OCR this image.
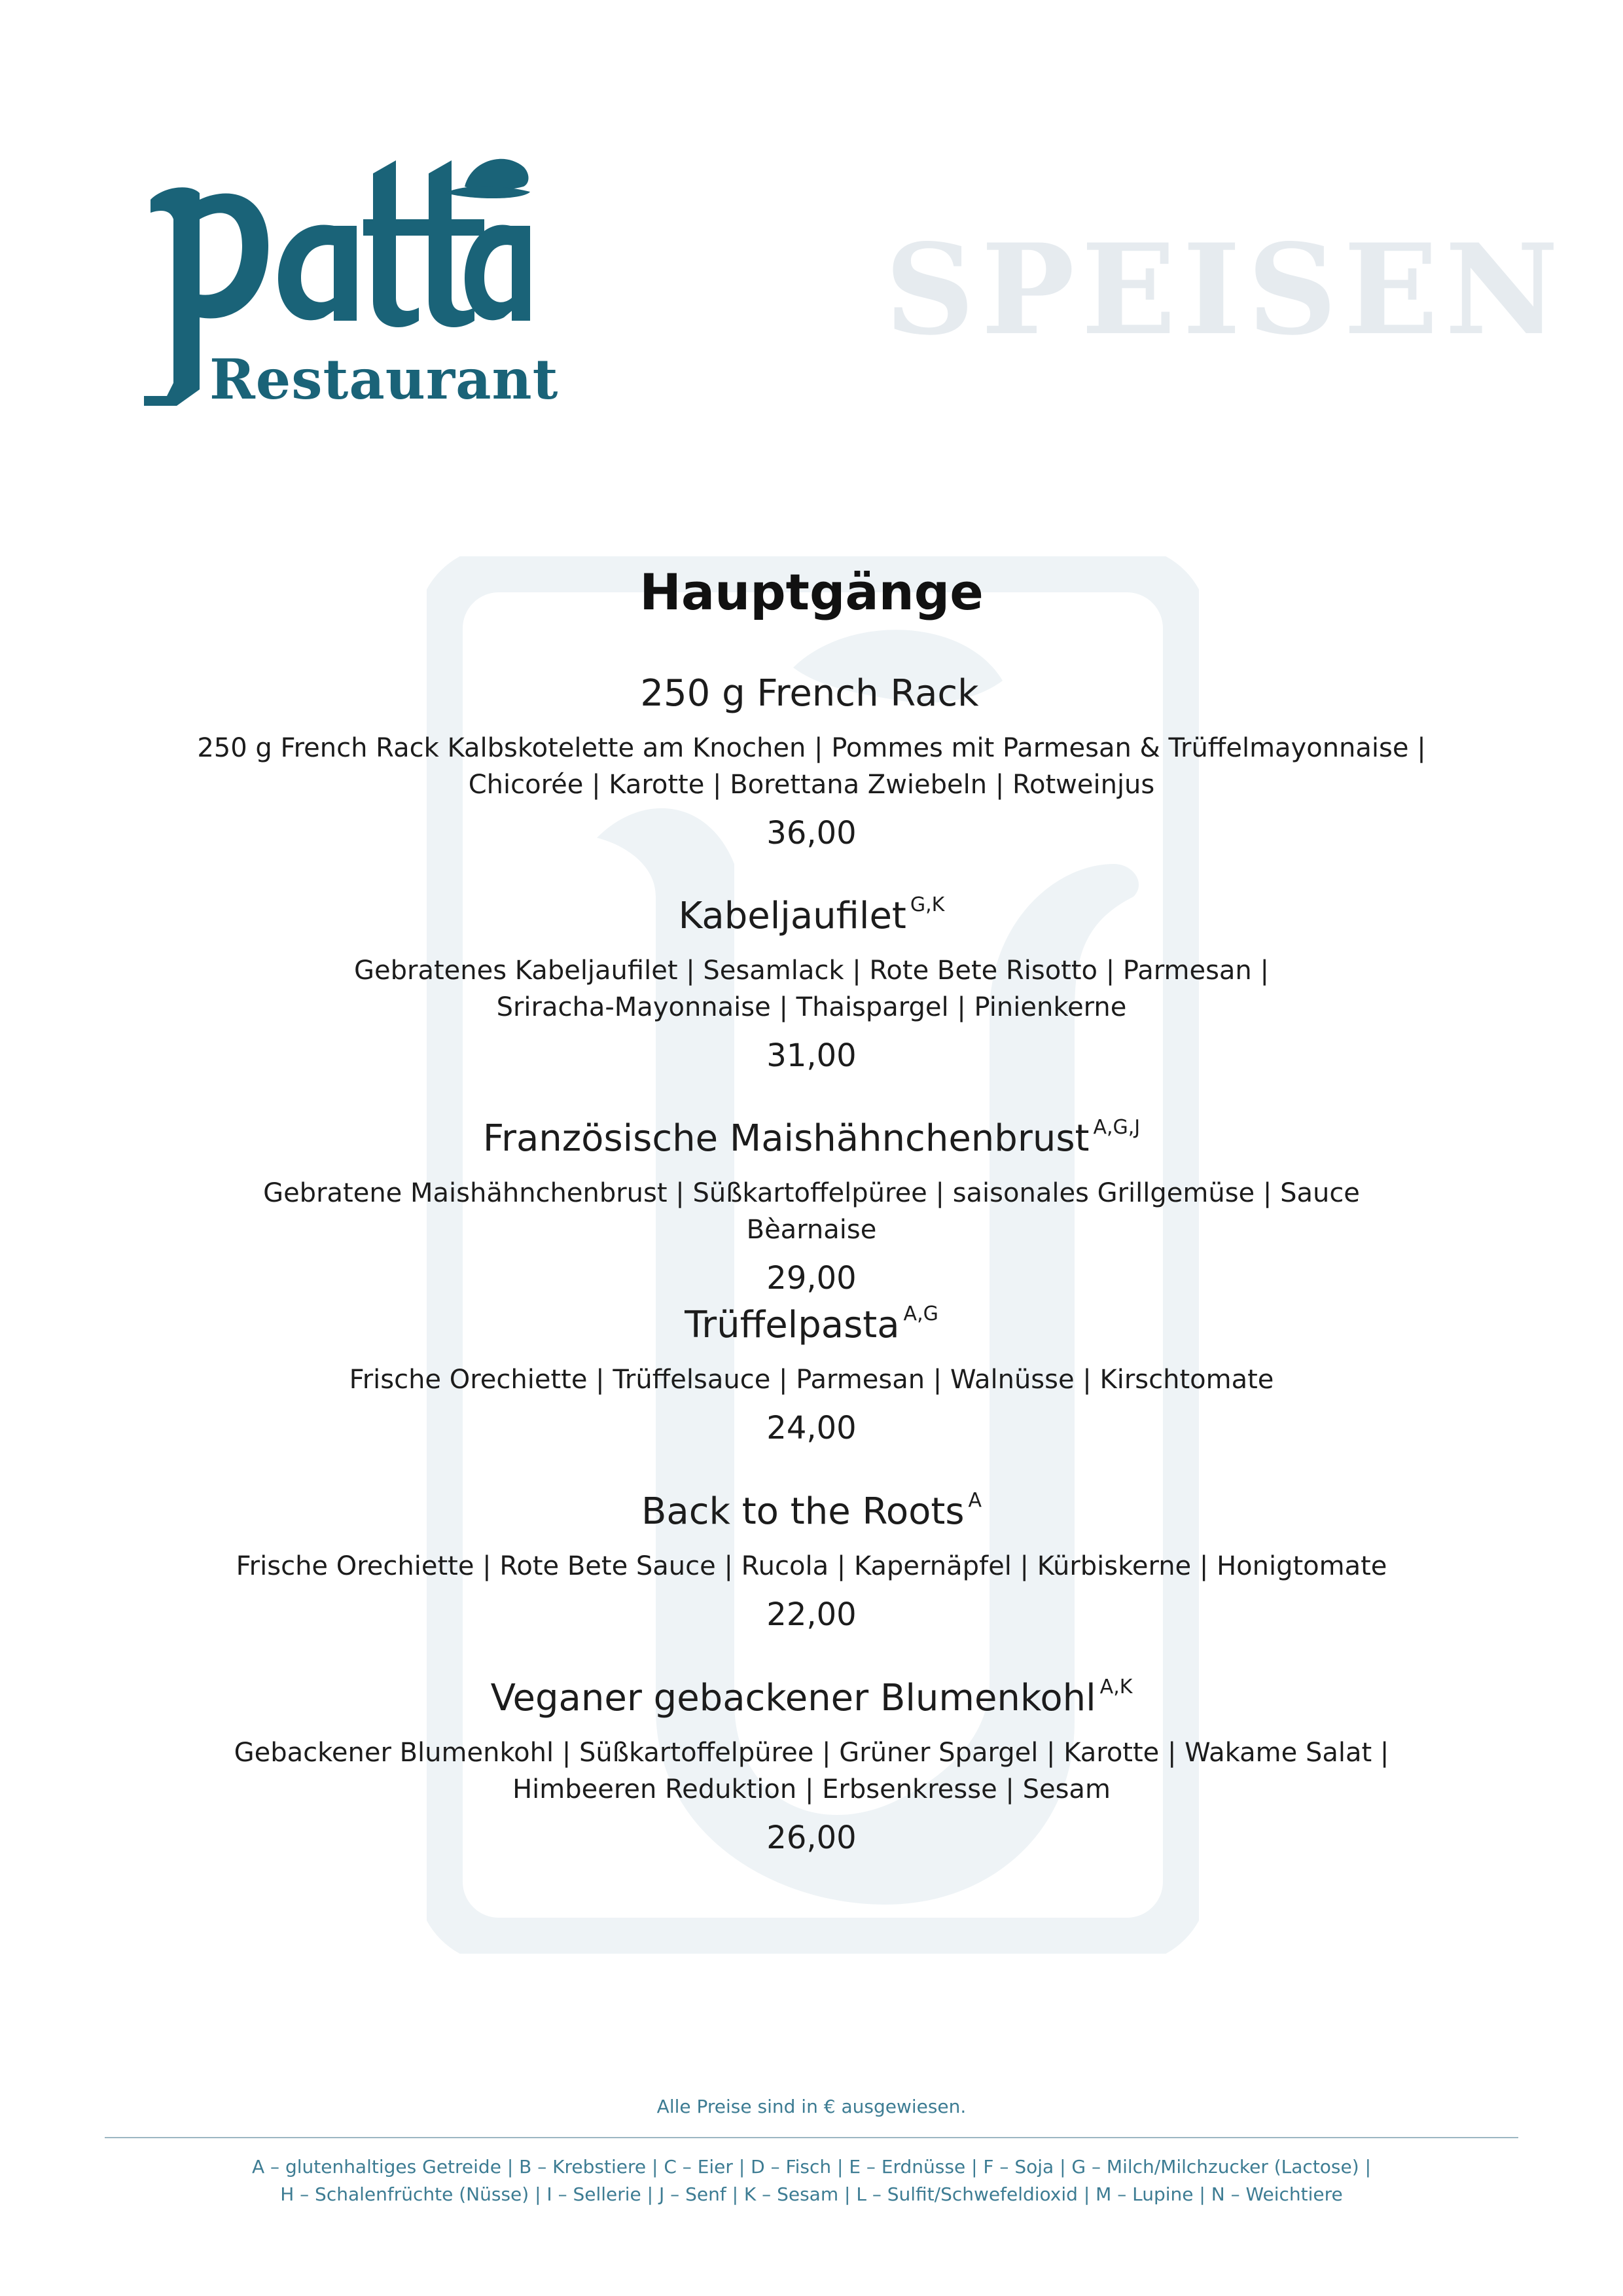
Restaurant
SPEISEN
Hauptgänge
250 g French Rack
250 g French Rack Kalbskotelette am Knochen | Pommes mit Parmesan & Trüffelmayonnaise |
Chicorée | Karotte | Borettana Zwiebeln | Rotweinjus
36,00
Kabeljaufilet $^{G,K}$
Gebratenes Kabeljaufilet | Sesamlack | Rote Bete Risotto | Parmesan |
Sriracha-Mayonnaise | Thaispargel | Pinienkerne
31,00
Französische Maishähnchenbrust $^{A,G,J}$
Gebratene Maishähnchenbrust | Süßkartoffelpüree | saisonales Grillgemüse | Sauce Bèarnaise
29,00
Trüffelpasta $^{A,G}$
Frische Orechiette | Trüffelsauce | Parmesan | Walnüsse | Kirschtomate
24,00
Back to the Roots $^A$
Frische Orechiette | Rote Bete Sauce | Rucola | Kapernäpfel | Kürbiskerne | Honigtomate
22,00
Veganer gebackener Blumenkohl $^{A,K}$
Gebackener Blumenkohl | Süßkartoffelpüree | Grüner Spargel | Karotte | Wakame Salat |
Himbeeren Reduktion | Erbsenkresse | Sesam
26,00
Alle Preise sind in € ausgewiesen.
A – glutenhaltiges Getreide | B – Krebstiere | C – Eier | D – Fisch | E – Erdnüsse | F – Soja | G – Milch/Milchzucker (Lactose) |
H – Schalenfrüchte (Nüsse) | I – Sellerie | J – Senf | K – Sesam | L – Sulfit/Schwefeldioxid | M – Lupine | N – Weichtiere
